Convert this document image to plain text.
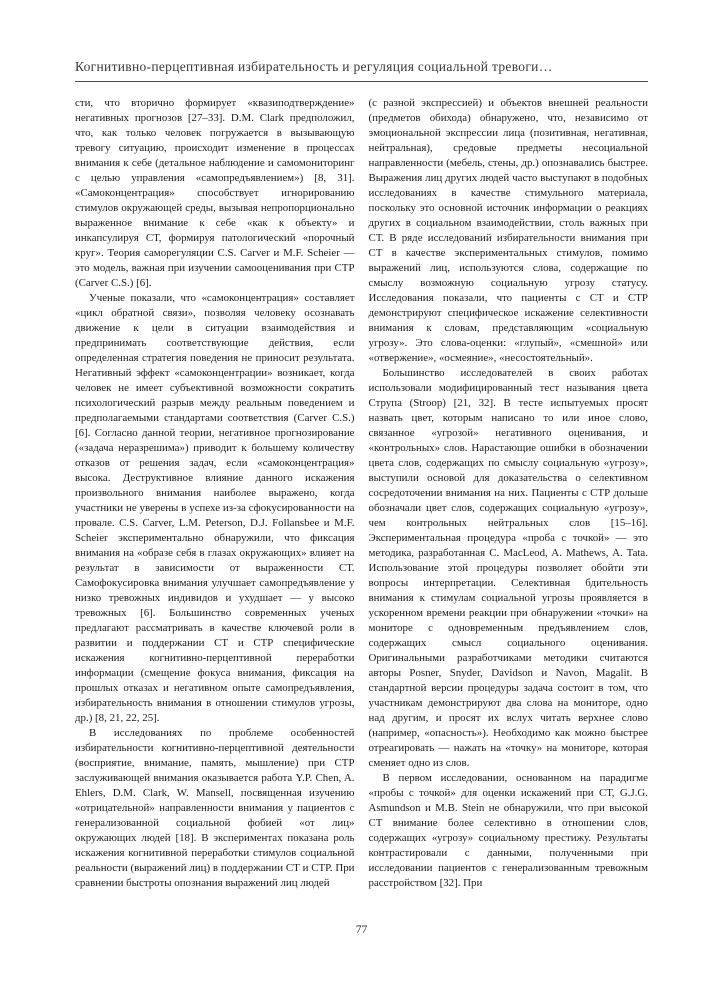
Когнитивно-перцептивная избирательность и регуляция социальной тревоги…

сти, что вторично формирует «квазиподтверждение» негативных прогнозов [27–33]. D.M. Clark предположил, что, как только человек погружается в вызывающую тревогу ситуацию, происходит изменение в процессах внимания к себе (детальное наблюдение и самомониторинг с целью управления «самопредъявлением») [8, 31]. «Самоконцентрация» способствует игнорированию стимулов окружающей среды, вызывая непропорционально выраженное внимание к себе «как к объекту» и инкапсулируя СТ, формируя патологический «порочный круг». Теория саморегуляции C.S. Carver и M.F. Scheier — это модель, важная при изучении самооценивания при СТР (Carver C.S.) [6].

Ученые показали, что «самоконцентрация» составляет «цикл обратной связи», позволяя человеку осознавать движение к цели в ситуации взаимодействия и предпринимать соответствующие действия, если определенная стратегия поведения не приносит результата. Негативный эффект «самоконцентрации» возникает, когда человек не имеет субъективной возможности сократить психологический разрыв между реальным поведением и предполагаемыми стандартами соответствия (Carver C.S.) [6]. Согласно данной теории, негативное прогнозирование («задача неразрешима») приводит к большему количеству отказов от решения задач, если «самоконцентрация» высока. Деструктивное влияние данного искажения произвольного внимания наиболее выражено, когда участники не уверены в успехе из-за сфокусированности на провале. C.S. Carver, L.M. Peterson, D.J. Follansbee и M.F. Scheier экспериментально обнаружили, что фиксация внимания на «образе себя в глазах окружающих» влияет на результат в зависимости от выраженности СТ. Самофокусировка внимания улучшает самопредъявление у низко тревожных индивидов и ухудшает — у высоко тревожных [6]. Большинство современных ученых предлагают рассматривать в качестве ключевой роли в развитии и поддержании СТ и СТР специфические искажения когнитивно-перцептивной переработки информации (смещение фокуса внимания, фиксация на прошлых отказах и негативном опыте самопредъявления, избирательность внимания в отношении стимулов угрозы, др.) [8, 21, 22, 25].

В исследованиях по проблеме особенностей избирательности когнитивно-перцептивной деятельности (восприятие, внимание, память, мышление) при СТР заслуживающей внимания оказывается работа Y.P. Chen, A. Ehlers, D.M. Clark, W. Mansell, посвященная изучению «отрицательной» направленности внимания у пациентов с генерализованной социальной фобией «от лиц» окружающих людей [18]. В экспериментах показана роль искажения когнитивной переработки стимулов социальной реальности (выражений лиц) в поддержании СТ и СТР. При сравнении быстроты опознания выражений лиц людей

(с разной экспрессией) и объектов внешней реальности (предметов обихода) обнаружено, что, независимо от эмоциональной экспрессии лица (позитивная, негативная, нейтральная), средовые предметы несоциальной направленности (мебель, стены, др.) опознавались быстрее. Выражения лиц других людей часто выступают в подобных исследованиях в качестве стимульного материала, поскольку это основной источник информации о реакциях других в социальном взаимодействии, столь важных при СТ. В ряде исследований избирательности внимания при СТ в качестве экспериментальных стимулов, помимо выражений лиц, используются слова, содержащие по смыслу возможную социальную угрозу статусу. Исследования показали, что пациенты с СТ и СТР демонстрируют специфическое искажение селективности внимания к словам, представляющим «социальную угрозу». Это слова-оценки: «глупый», «смешной» или «отвержение», «осмеяние», «несостоятельный».

Большинство исследователей в своих работах использовали модифицированный тест называния цвета Струпа (Stroop) [21, 32]. В тесте испытуемых просят назвать цвет, которым написано то или иное слово, связанное «угрозой» негативного оценивания, и «контрольных» слов. Нарастающие ошибки в обозначении цвета слов, содержащих по смыслу социальную «угрозу», выступили основой для доказательства о селективном сосредоточении внимания на них. Пациенты с СТР дольше обозначали цвет слов, содержащих социальную «угрозу», чем контрольных нейтральных слов [15–16]. Экспериментальная процедура «проба с точкой» — это методика, разработанная C. MacLeod, A. Mathews, A. Tata. Использование этой процедуры позволяет обойти эти вопросы интерпретации. Селективная бдительность внимания к стимулам социальной угрозы проявляется в ускоренном времени реакции при обнаружении «точки» на мониторе с одновременным предъявлением слов, содержащих смысл социального оценивания. Оригинальными разработчиками методики считаются авторы Posner, Snyder, Davidson и Navon, Magalit. В стандартной версии процедуры задача состоит в том, что участникам демонстрируют два слова на мониторе, одно над другим, и просят их вслух читать верхнее слово (например, «опасность»). Необходимо как можно быстрее отреагировать — нажать на «точку» на мониторе, которая сменяет одно из слов.

В первом исследовании, основанном на парадигме «пробы с точкой» для оценки искажений при СТ, G.J.G. Asmundson и M.B. Stein не обнаружили, что при высокой СТ внимание более селективно в отношении слов, содержащих «угрозу» социальному престижу. Результаты контрастировали с данными, полученными при исследовании пациентов с генерализованным тревожным расстройством [32]. При

77
